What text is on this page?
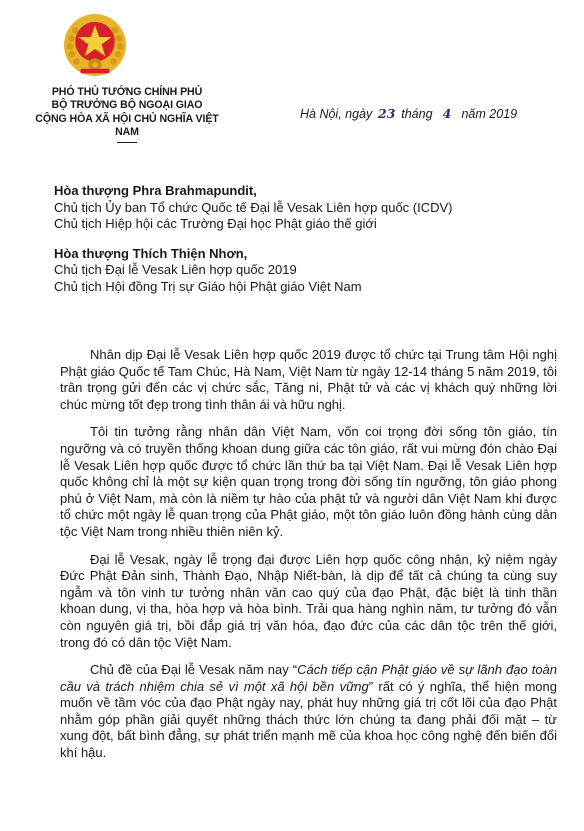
PHÓ THỦ TƯỚNG CHÍNH PHỦ
BỘ TRƯỞNG BỘ NGOẠI GIAO
CỘNG HÒA XÃ HỘI CHỦ NGHĨA VIỆT NAM
Hà Nội, ngày 23 tháng 4 năm 2019
Hòa thượng Phra Brahmapundit,
Chủ tịch Ủy ban Tổ chức Quốc tế Đại lễ Vesak Liên hợp quốc (ICDV)
Chủ tịch Hiệp hội các Trường Đại học Phật giáo thế giới
Hòa thượng Thích Thiện Nhơn,
Chủ tịch Đại lễ Vesak Liên hợp quốc 2019
Chủ tịch Hội đồng Trị sự Giáo hội Phật giáo Việt Nam

Nhân dịp Đại lễ Vesak Liên hợp quốc 2019 được tổ chức tại Trung tâm Hội nghị Phật giáo Quốc tế Tam Chúc, Hà Nam, Việt Nam từ ngày 12-14 tháng 5 năm 2019, tôi trân trọng gửi đến các vị chức sắc, Tăng ni, Phật tử và các vị khách quý những lời chúc mừng tốt đẹp trong tình thân ái và hữu nghị.

Tôi tin tưởng rằng nhân dân Việt Nam, vốn coi trọng đời sống tôn giáo, tín ngưỡng và có truyền thống khoan dung giữa các tôn giáo, rất vui mừng đón chào Đại lễ Vesak Liên hợp quốc được tổ chức lần thứ ba tại Việt Nam. Đại lễ Vesak Liên hợp quốc không chỉ là một sự kiện quan trọng trong đời sống tín ngưỡng, tôn giáo phong phú ở Việt Nam, mà còn là niềm tự hào của phật tử và người dân Việt Nam khi được tổ chức một ngày lễ quan trọng của Phật giáo, một tôn giáo luôn đồng hành cùng dân tộc Việt Nam trong nhiều thiên niên kỷ.

Đại lễ Vesak, ngày lễ trọng đại được Liên hợp quốc công nhận, kỷ niệm ngày Đức Phật Đản sinh, Thành Đạo, Nhập Niết-bàn, là dịp để tất cả chúng ta cùng suy ngẫm và tôn vinh tư tưởng nhân văn cao quý của đạo Phật, đặc biệt là tinh thần khoan dung, vị tha, hòa hợp và hòa bình. Trải qua hàng nghìn năm, tư tưởng đó vẫn còn nguyên giá trị, bồi đắp giá trị văn hóa, đạo đức của các dân tộc trên thế giới, trong đó có dân tộc Việt Nam.

Chủ đề của Đại lễ Vesak năm nay “Cách tiếp cận Phật giáo về sự lãnh đạo toàn cầu và trách nhiệm chia sẻ vì một xã hội bền vững” rất có ý nghĩa, thể hiện mong muốn về tầm vóc của đạo Phật ngày nay, phát huy những giá trị cốt lõi của đạo Phật nhằm góp phần giải quyết những thách thức lớn chúng ta đang phải đối mặt – từ xung đột, bất bình đẳng, sự phát triển mạnh mẽ của khoa học công nghệ đến biến đổi khí hậu.
